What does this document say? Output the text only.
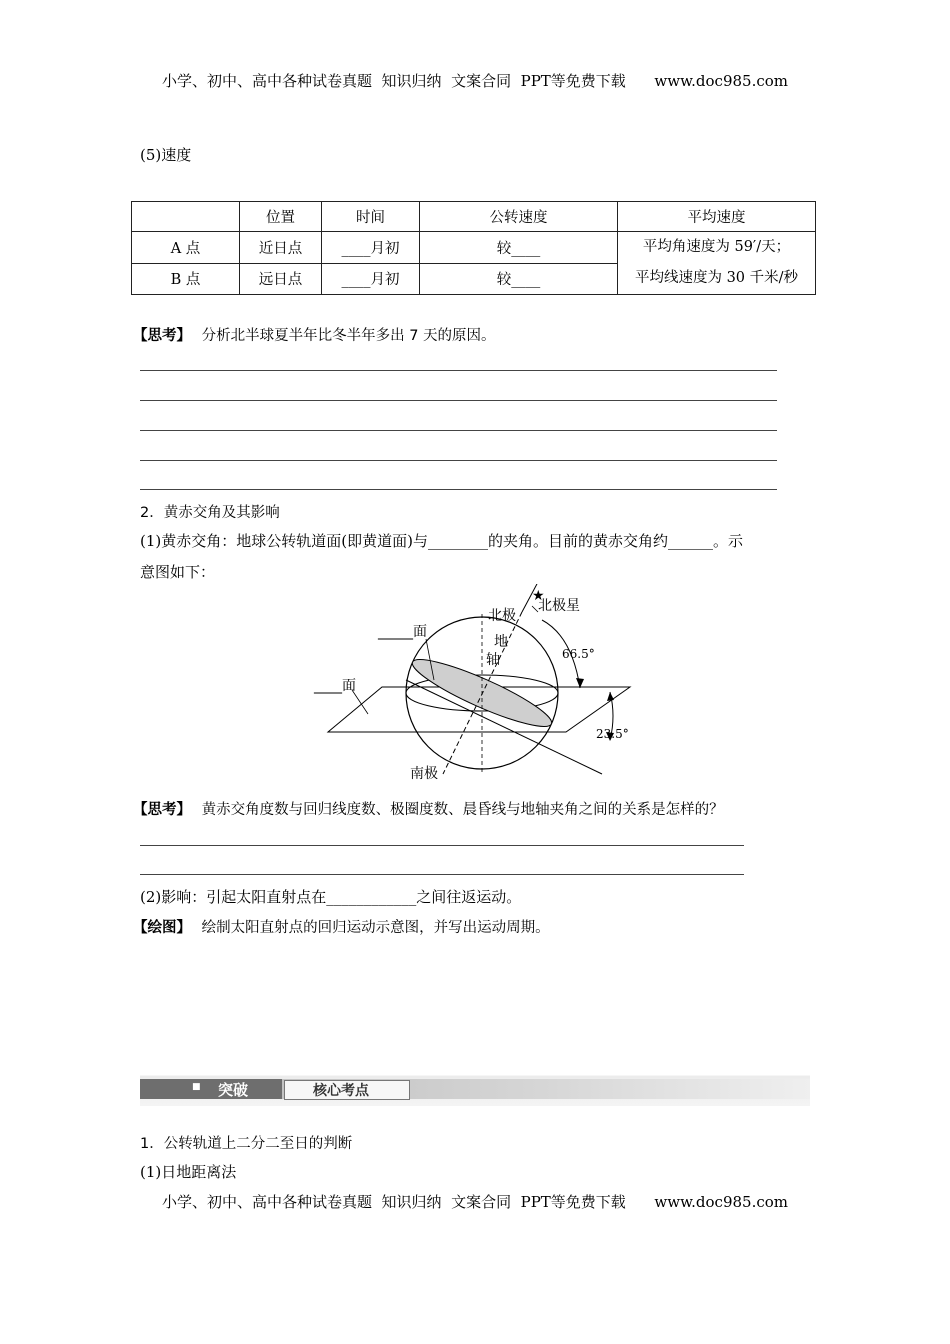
小学、初中、高中各种试卷真题  知识归纳  文案合同  PPT等免费下载      www.doc985.com
(5)速度
	位置	时间	公转速度	平均速度
A 点	近日点	____月初	较____	平均角速度为 59′/天；
平均线速度为 30 千米/秒

B 点	远日点	____月初	较____	
【思考】 分析北半球夏半年比冬半年多出 7 天的原因。
2．黄赤交角及其影响
(1)黄赤交角：地球公转轨道面(即黄道面)与________的夹角。目前的黄赤交角约______。示
意图如下：
★
北极
北极星
地
轴
_____面
____面
66.5°
23.5°
南极
【思考】 黄赤交角度数与回归线度数、极圈度数、晨昏线与地轴夹角之间的关系是怎样的？
(2)影响：引起太阳直射点在____________之间往返运动。
【绘图】 绘制太阳直射点的回归运动示意图，并写出运动周期。
■ 突破	核心考点
1．公转轨道上二分二至日的判断
(1)日地距离法
小学、初中、高中各种试卷真题  知识归纳  文案合同  PPT等免费下载      www.doc985.com
